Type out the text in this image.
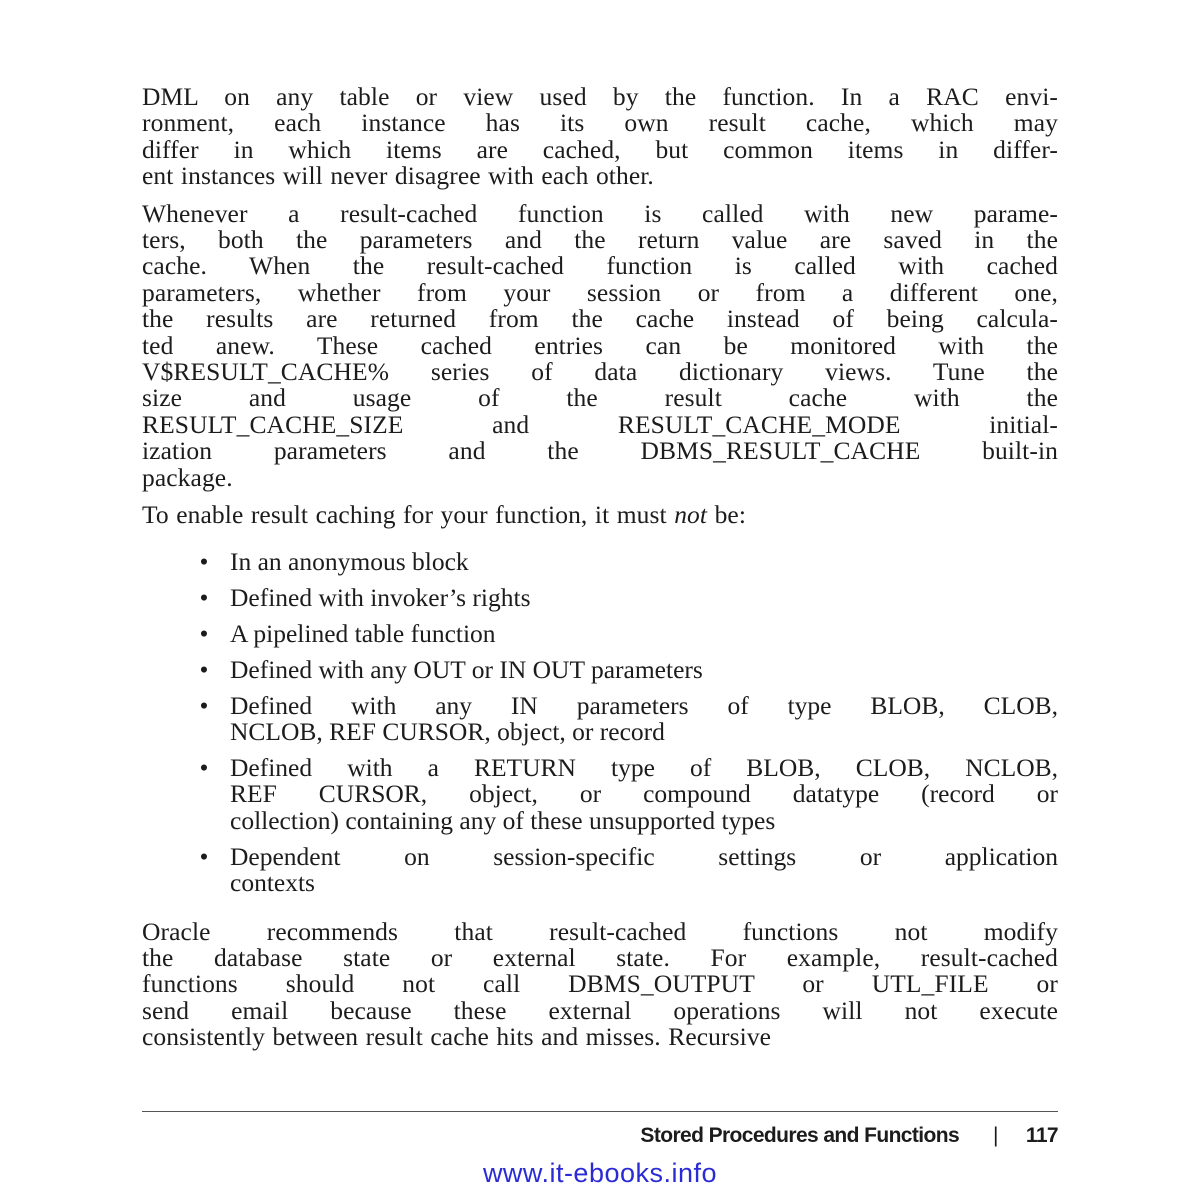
DML on any table or view used by the function. In a RAC envi-
ronment, each instance has its own result cache, which may
differ in which items are cached, but common items in differ-
ent instances will never disagree with each other.

Whenever a result-cached function is called with new parame-
ters, both the parameters and the return value are saved in the
cache. When the result-cached function is called with cached
parameters, whether from your session or from a different one,
the results are returned from the cache instead of being calcula-
ted anew. These cached entries can be monitored with the
V$RESULT_CACHE% series of data dictionary views. Tune the
size and usage of the result cache with the
RESULT_CACHE_SIZE and RESULT_CACHE_MODE initial-
ization parameters and the DBMS_RESULT_CACHE built-in
package.

To enable result caching for your function, it must not be:

• In an anonymous block
• Defined with invoker’s rights
• A pipelined table function
• Defined with any OUT or IN OUT parameters
• Defined with any IN parameters of type BLOB, CLOB,
NCLOB, REF CURSOR, object, or record
• Defined with a RETURN type of BLOB, CLOB, NCLOB,
REF CURSOR, object, or compound datatype (record or
collection) containing any of these unsupported types
• Dependent on session-specific settings or application
contexts

Oracle recommends that result-cached functions not modify
the database state or external state. For example, result-cached
functions should not call DBMS_OUTPUT or UTL_FILE or
send email because these external operations will not execute
consistently between result cache hits and misses. Recursive

Stored Procedures and Functions | 117
www.it-ebooks.info
